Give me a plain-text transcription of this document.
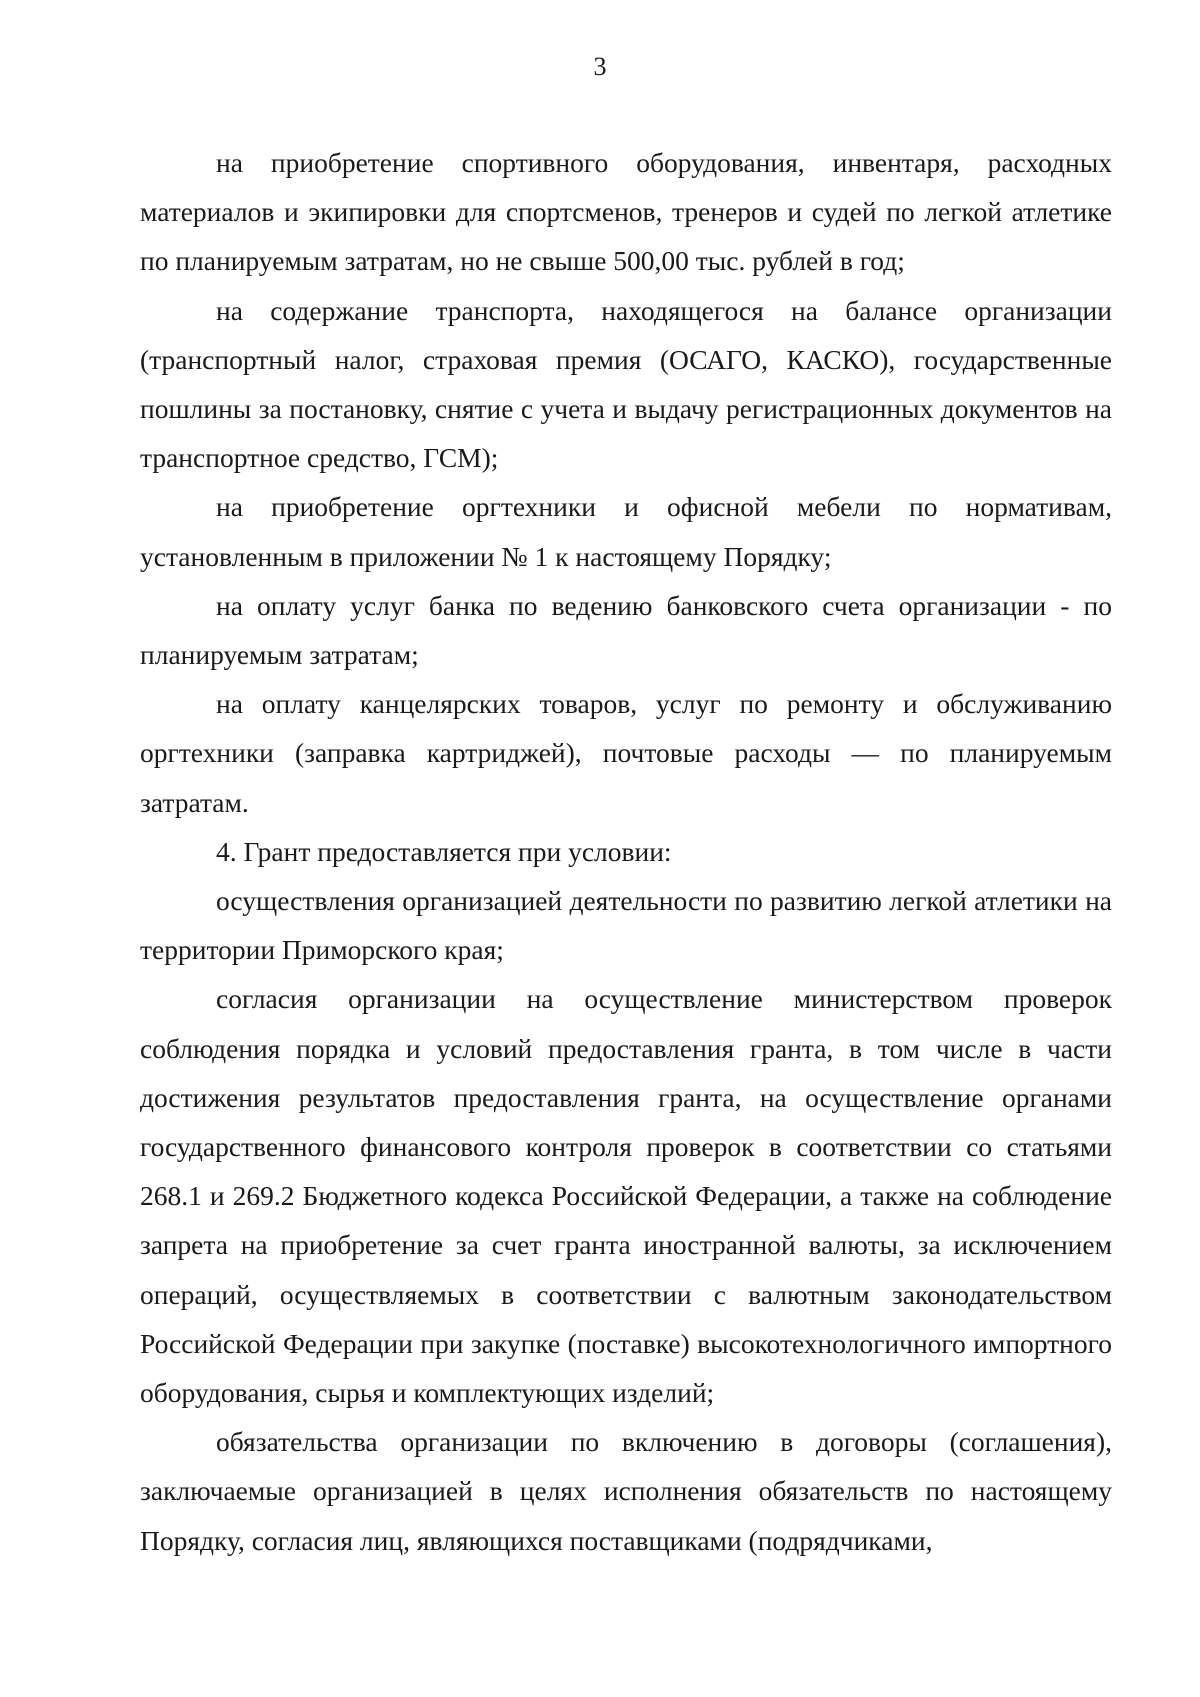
3

на приобретение спортивного оборудования, инвентаря, расходных материалов и экипировки для спортсменов, тренеров и судей по легкой атлетике по планируемым затратам, но не свыше 500,00 тыс. рублей в год;

на содержание транспорта, находящегося на балансе организации (транспортный налог, страховая премия (ОСАГО, КАСКО), государственные пошлины за постановку, снятие с учета и выдачу регистрационных документов на транспортное средство, ГСМ);

на приобретение оргтехники и офисной мебели по нормативам, установленным в приложении № 1 к настоящему Порядку;

на оплату услуг банка по ведению банковского счета организации - по планируемым затратам;

на оплату канцелярских товаров, услуг по ремонту и обслуживанию оргтехники (заправка картриджей), почтовые расходы — по планируемым затратам.

4. Грант предоставляется при условии:

осуществления организацией деятельности по развитию легкой атлетики на территории Приморского края;

согласия организации на осуществление министерством проверок соблюдения порядка и условий предоставления гранта, в том числе в части достижения результатов предоставления гранта, на осуществление органами государственного финансового контроля проверок в соответствии со статьями 268.1 и 269.2 Бюджетного кодекса Российской Федерации, а также на соблюдение запрета на приобретение за счет гранта иностранной валюты, за исключением операций, осуществляемых в соответствии с валютным законодательством Российской Федерации при закупке (поставке) высокотехнологичного импортного оборудования, сырья и комплектующих изделий;

обязательства организации по включению в договоры (соглашения), заключаемые организацией в целях исполнения обязательств по настоящему Порядку, согласия лиц, являющихся поставщиками (подрядчиками,
